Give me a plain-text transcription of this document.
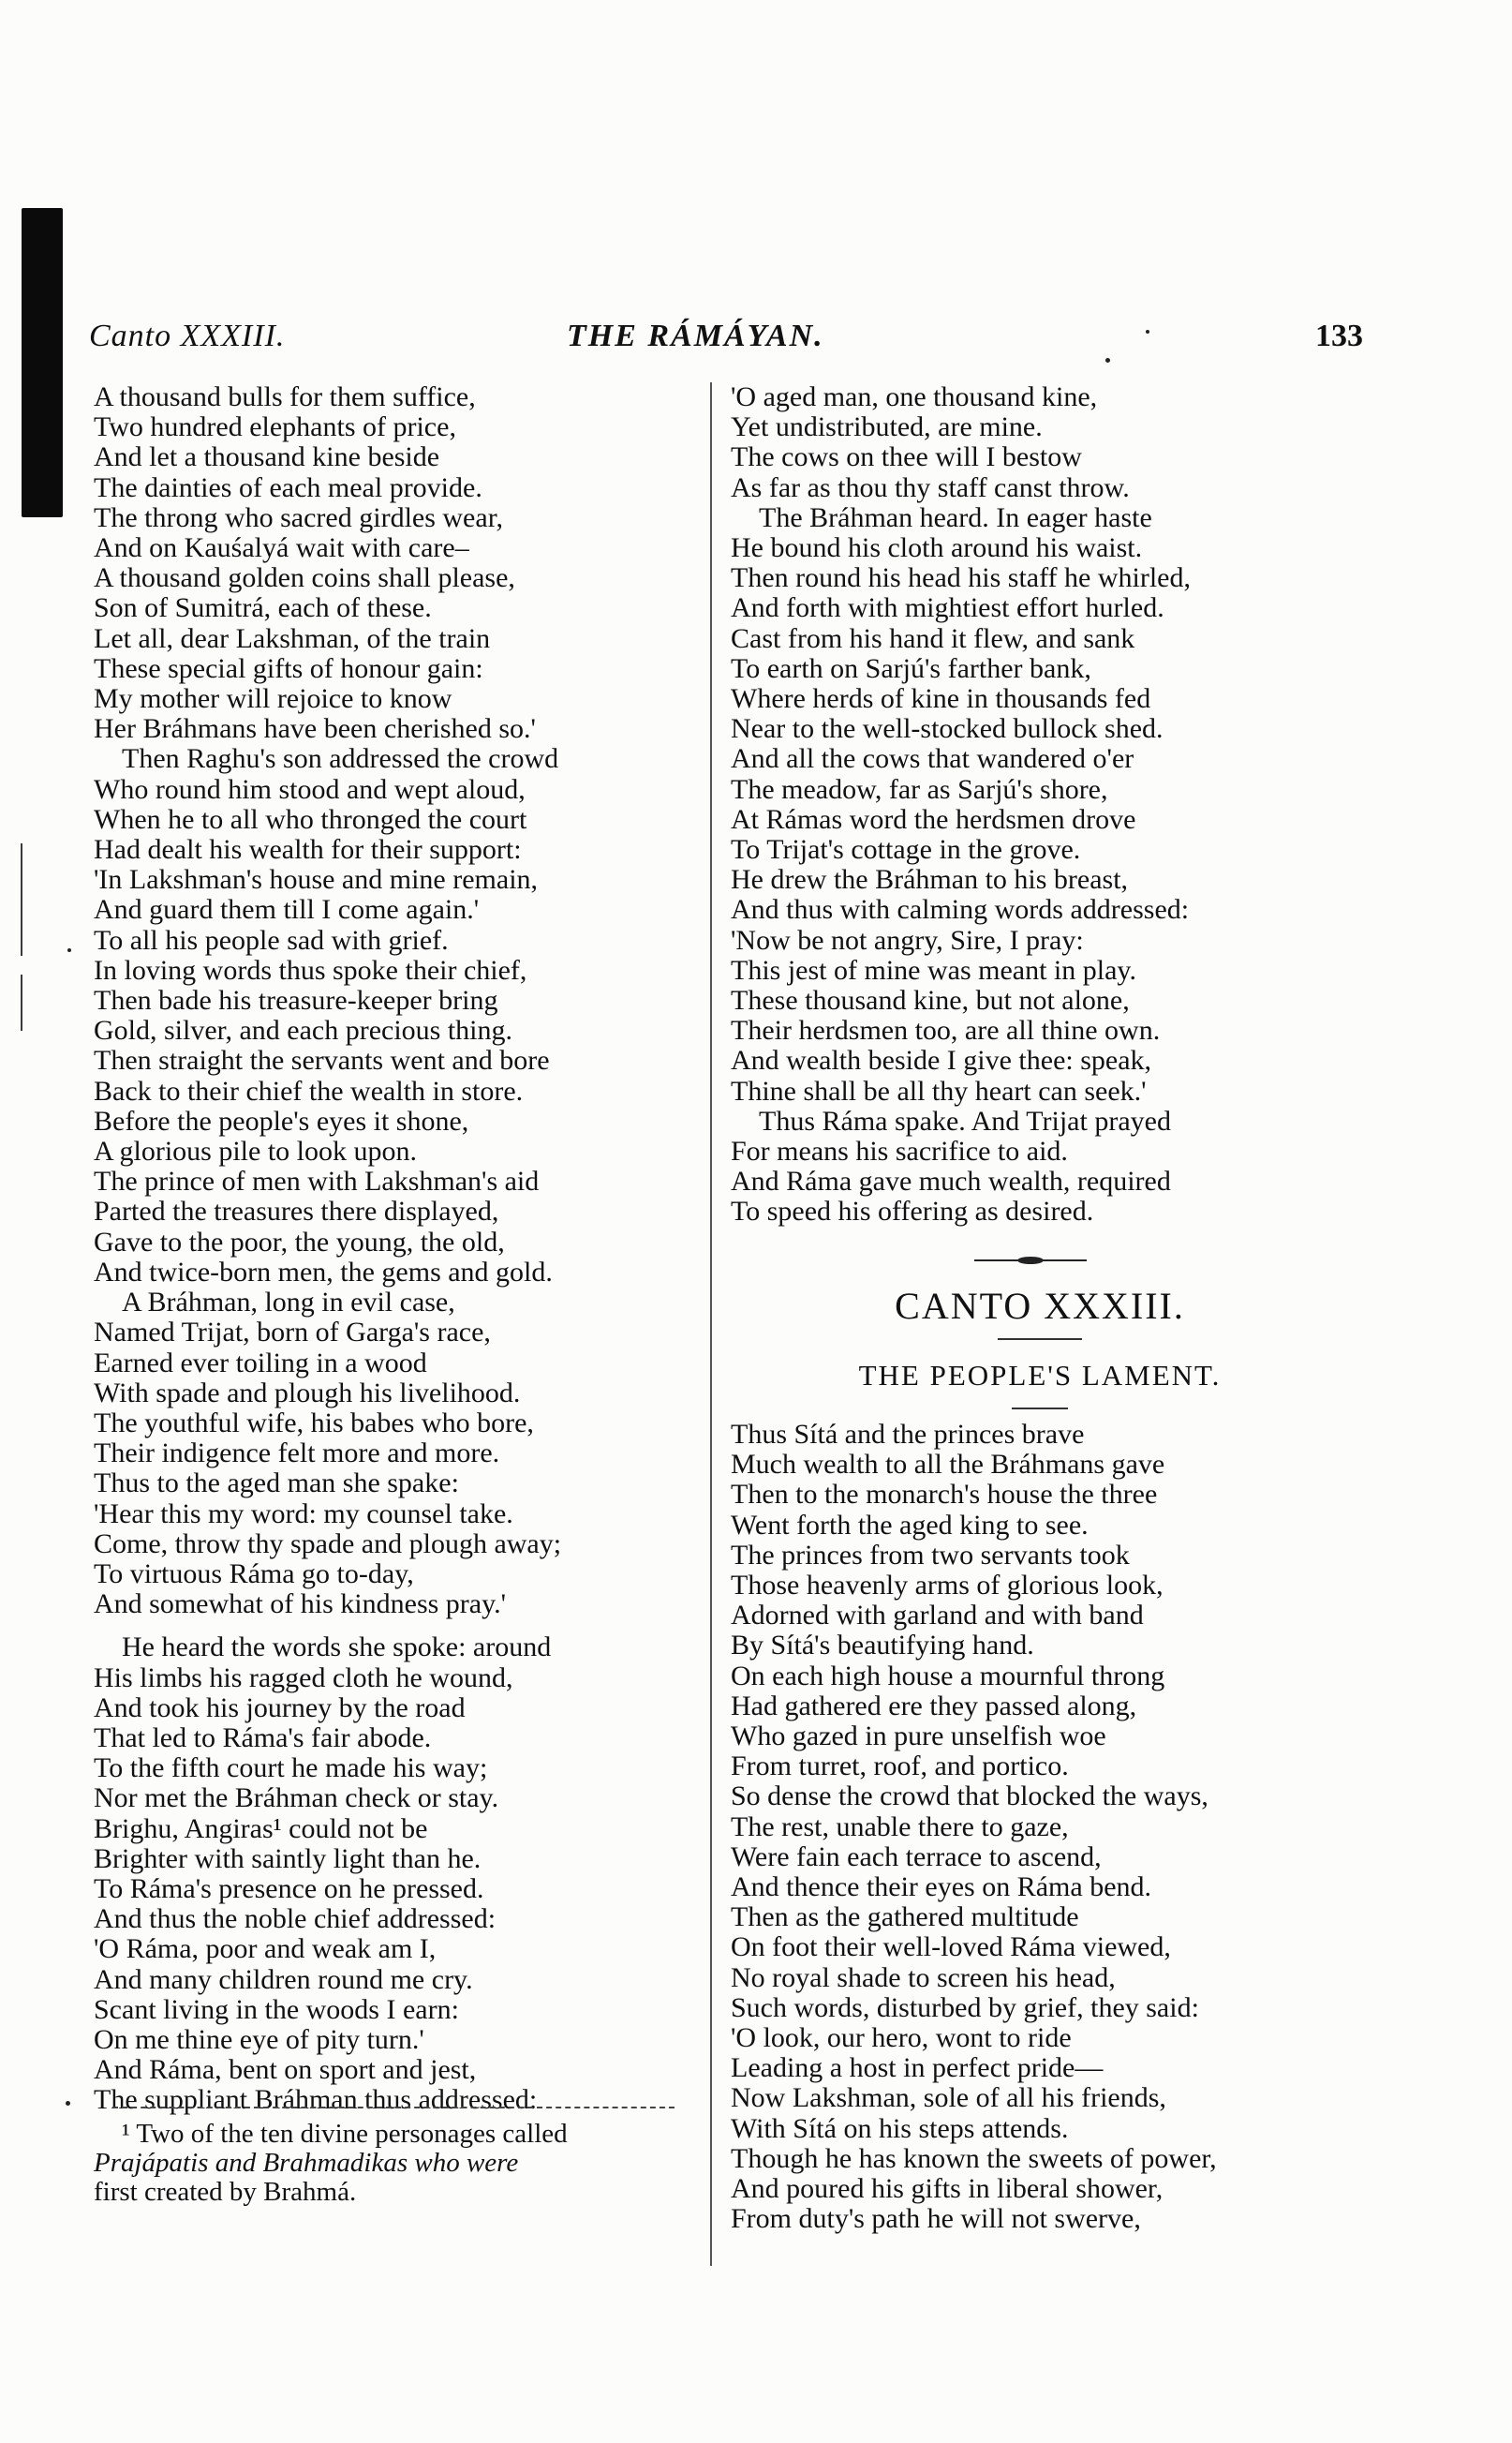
Canto XXXIII.	THE RÁMÁYAN.	133
A thousand bulls for them suffice,
Two hundred elephants of price,
And let a thousand kine beside
The dainties of each meal provide.
The throng who sacred girdles wear,
And on Kauśalyá wait with care–
A thousand golden coins shall please,
Son of Sumitrá, each of these.
Let all, dear Lakshman, of the train
These special gifts of honour gain:
My mother will rejoice to know
Her Bráhmans have been cherished so.'
Then Raghu's son addressed the crowd
Who round him stood and wept aloud,
When he to all who thronged the court
Had dealt his wealth for their support:
'In Lakshman's house and mine remain,
And guard them till I come again.'
To all his people sad with grief.
In loving words thus spoke their chief,
Then bade his treasure-keeper bring
Gold, silver, and each precious thing.
Then straight the servants went and bore
Back to their chief the wealth in store.
Before the people's eyes it shone,
A glorious pile to look upon.
The prince of men with Lakshman's aid
Parted the treasures there displayed,
Gave to the poor, the young, the old,
And twice-born men, the gems and gold.
A Bráhman, long in evil case,
Named Trijat, born of Garga's race,
Earned ever toiling in a wood
With spade and plough his livelihood.
The youthful wife, his babes who bore,
Their indigence felt more and more.
Thus to the aged man she spake:
'Hear this my word: my counsel take.
Come, throw thy spade and plough away;
To virtuous Ráma go to-day,
And somewhat of his kindness pray.'
He heard the words she spoke: around
His limbs his ragged cloth he wound,
And took his journey by the road
That led to Ráma's fair abode.
To the fifth court he made his way;
Nor met the Bráhman check or stay.
Brighu, Angiras¹ could not be
Brighter with saintly light than he.
To Ráma's presence on he pressed.
And thus the noble chief addressed:
'O Ráma, poor and weak am I,
And many children round me cry.
Scant living in the woods I earn:
On me thine eye of pity turn.'
And Ráma, bent on sport and jest,
The suppliant Bráhman thus addressed:
¹ Two of the ten divine personages called
Prajápatis and Brahmadikas who were
first created by Brahmá.
'O aged man, one thousand kine,
Yet undistributed, are mine.
The cows on thee will I bestow
As far as thou thy staff canst throw.
The Bráhman heard. In eager haste
He bound his cloth around his waist.
Then round his head his staff he whirled,
And forth with mightiest effort hurled.
Cast from his hand it flew, and sank
To earth on Sarjú's farther bank,
Where herds of kine in thousands fed
Near to the well-stocked bullock shed.
And all the cows that wandered o'er
The meadow, far as Sarjú's shore,
At Rámas word the herdsmen drove
To Trijat's cottage in the grove.
He drew the Bráhman to his breast,
And thus with calming words addressed:
'Now be not angry, Sire, I pray:
This jest of mine was meant in play.
These thousand kine, but not alone,
Their herdsmen too, are all thine own.
And wealth beside I give thee: speak,
Thine shall be all thy heart can seek.'
Thus Ráma spake. And Trijat prayed
For means his sacrifice to aid.
And Ráma gave much wealth, required
To speed his offering as desired.
CANTO XXXIII.
THE PEOPLE'S LAMENT.
Thus Sítá and the princes brave
Much wealth to all the Bráhmans gave
Then to the monarch's house the three
Went forth the aged king to see.
The princes from two servants took
Those heavenly arms of glorious look,
Adorned with garland and with band
By Sítá's beautifying hand.
On each high house a mournful throng
Had gathered ere they passed along,
Who gazed in pure unselfish woe
From turret, roof, and portico.
So dense the crowd that blocked the ways,
The rest, unable there to gaze,
Were fain each terrace to ascend,
And thence their eyes on Ráma bend.
Then as the gathered multitude
On foot their well-loved Ráma viewed,
No royal shade to screen his head,
Such words, disturbed by grief, they said:
'O look, our hero, wont to ride
Leading a host in perfect pride—
Now Lakshman, sole of all his friends,
With Sítá on his steps attends.
Though he has known the sweets of power,
And poured his gifts in liberal shower,
From duty's path he will not swerve,
